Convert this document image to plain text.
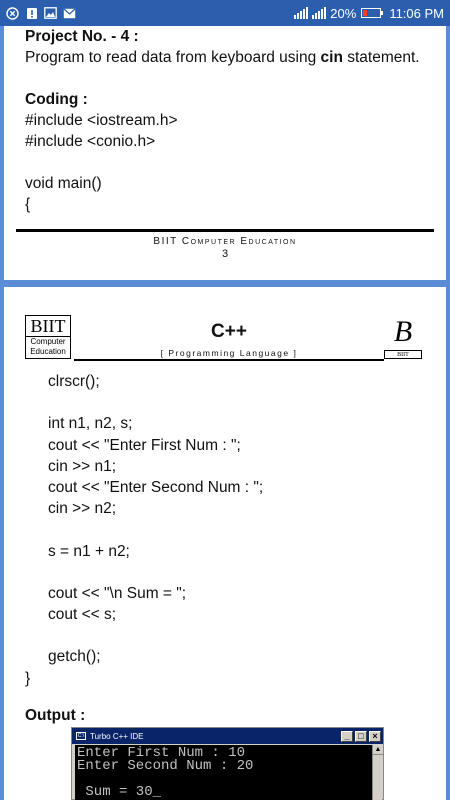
20%	11:06 PM
Project No. - 4 :
Program to read data from keyboard using cin statement.
Coding :
#include <iostream.h>
#include <conio.h>
void main()
{
BIIT Computer Education
3
BIIT
Computer
Education
C++
[ Programming Language ]
B
BIIT
clrscr();
int n1, n2, s;
cout << "Enter First Num : ";
cin >> n1;
cout << "Enter Second Num : ";
cin >> n2;
s = n1 + n2;
cout << "\n Sum = ";
cout << s;
getch();
}
Output :
C:\ Turbo C++ IDE	_ □ ×
Enter First Num : 10
Enter Second Num : 20
Sum = 30_
▲
